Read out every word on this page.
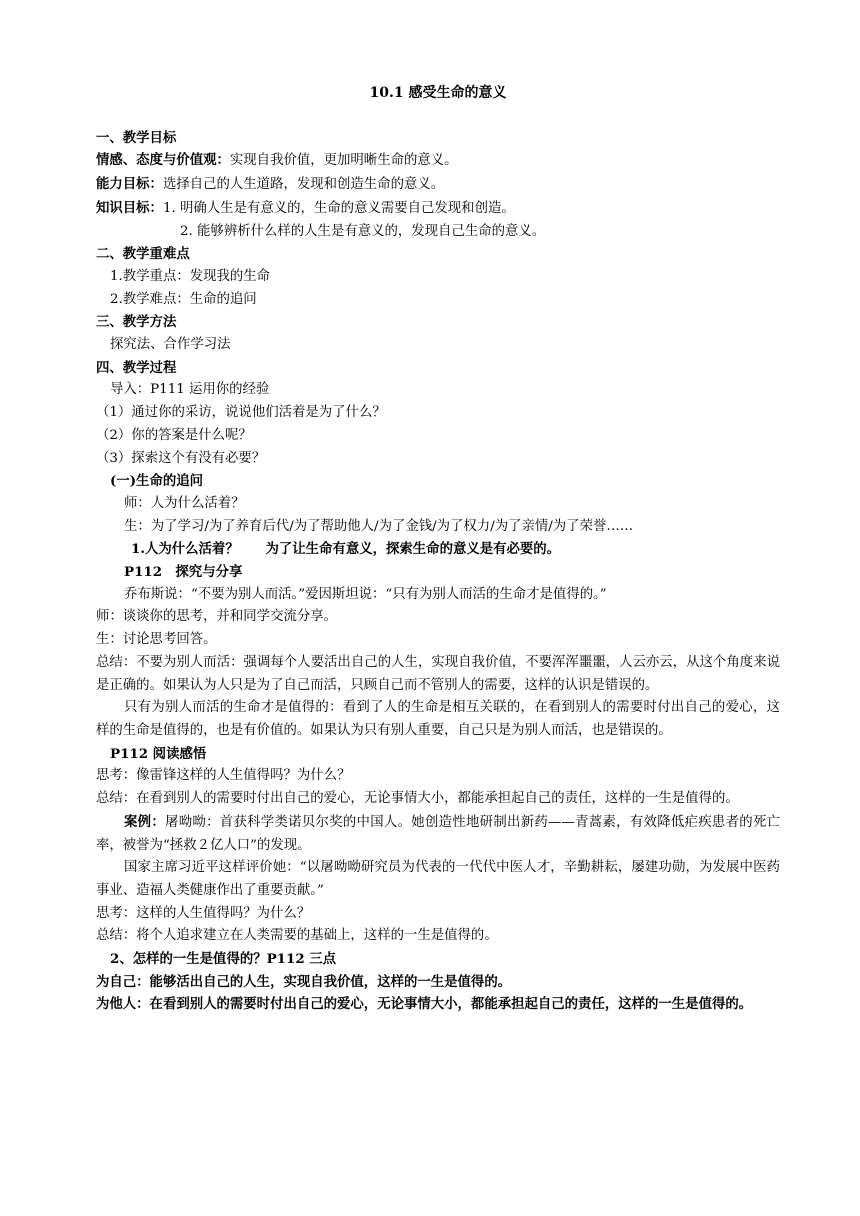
10.1 感受生命的意义

一、教学目标

情感、态度与价值观：实现自我价值，更加明晰生命的意义。

能力目标：选择自己的人生道路，发现和创造生命的意义。

知识目标：1. 明确人生是有意义的，生命的意义需要自己发现和创造。

2. 能够辨析什么样的人生是有意义的，发现自己生命的意义。

二、教学重难点

1.教学重点：发现我的生命

2.教学难点：生命的追问

三、教学方法

探究法、合作学习法

四、教学过程

导入：P111 运用你的经验

（1）通过你的采访，说说他们活着是为了什么？

（2）你的答案是什么呢？

（3）探索这个有没有必要？

(一)生命的追问

师：人为什么活着？

生：为了学习/为了养育后代/为了帮助他人/为了金钱/为了权力/为了亲情/为了荣誉……

1.人为什么活着？　　为了让生命有意义，探索生命的意义是有必要的。

P112　探究与分享

乔布斯说：“不要为别人而活。”爱因斯坦说：“只有为别人而活的生命才是值得的。”

师：谈谈你的思考，并和同学交流分享。

生：讨论思考回答。

总结：不要为别人而活：强调每个人要活出自己的人生，实现自我价值，不要浑浑噩噩，人云亦云，从这个角度来说是正确的。如果认为人只是为了自己而活，只顾自己而不管别人的需要，这样的认识是错误的。

只有为别人而活的生命才是值得的：看到了人的生命是相互关联的，在看到别人的需要时付出自己的爱心，这样的生命是值得的，也是有价值的。如果认为只有别人重要，自己只是为别人而活，也是错误的。

P112 阅读感悟

思考：像雷锋这样的人生值得吗？为什么？

总结：在看到别人的需要时付出自己的爱心，无论事情大小，都能承担起自己的责任，这样的一生是值得的。

案例：屠呦呦：首获科学类诺贝尔奖的中国人。她创造性地研制出新药——青蒿素，有效降低疟疾患者的死亡率，被誉为“拯救２亿人口”的发现。

国家主席习近平这样评价她：“以屠呦呦研究员为代表的一代代中医人才，辛勤耕耘，屡建功勋，为发展中医药事业、造福人类健康作出了重要贡献。”

思考：这样的人生值得吗？为什么？

总结：将个人追求建立在人类需要的基础上，这样的一生是值得的。

2、怎样的一生是值得的？P112 三点

为自己：能够活出自己的人生，实现自我价值，这样的一生是值得的。

为他人：在看到别人的需要时付出自己的爱心，无论事情大小，都能承担起自己的责任，这样的一生是值得的。
